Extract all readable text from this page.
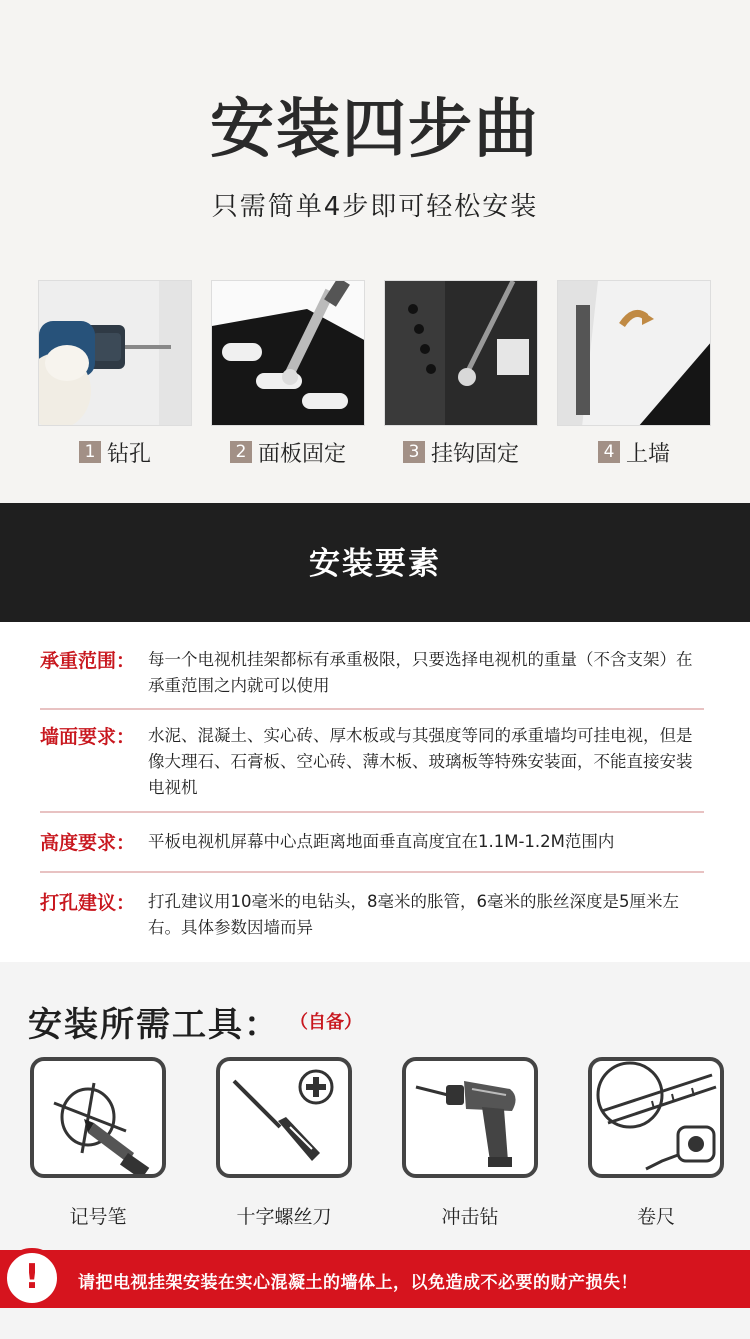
安装四步曲
只需简单4步即可轻松安装
1 钻孔	2 面板固定	3 挂钩固定	4 上墙
安装要素
承重范围： 每一个电视机挂架都标有承重极限，只要选择电视机的重量（不含支架）在承重范围之内就可以使用
墙面要求： 水泥、混凝土、实心砖、厚木板或与其强度等同的承重墙均可挂电视，但是像大理石、石膏板、空心砖、薄木板、玻璃板等特殊安装面，不能直接安装电视机
高度要求： 平板电视机屏幕中心点距离地面垂直高度宜在1.1M-1.2M范围内
打孔建议： 打孔建议用10毫米的电钻头，8毫米的胀管，6毫米的胀丝深度是5厘米左右。具体参数因墙而异
安装所需工具： （自备）
记号笔	十字螺丝刀	冲击钻	卷尺
!	请把电视挂架安装在实心混凝土的墙体上，以免造成不必要的财产损失！
